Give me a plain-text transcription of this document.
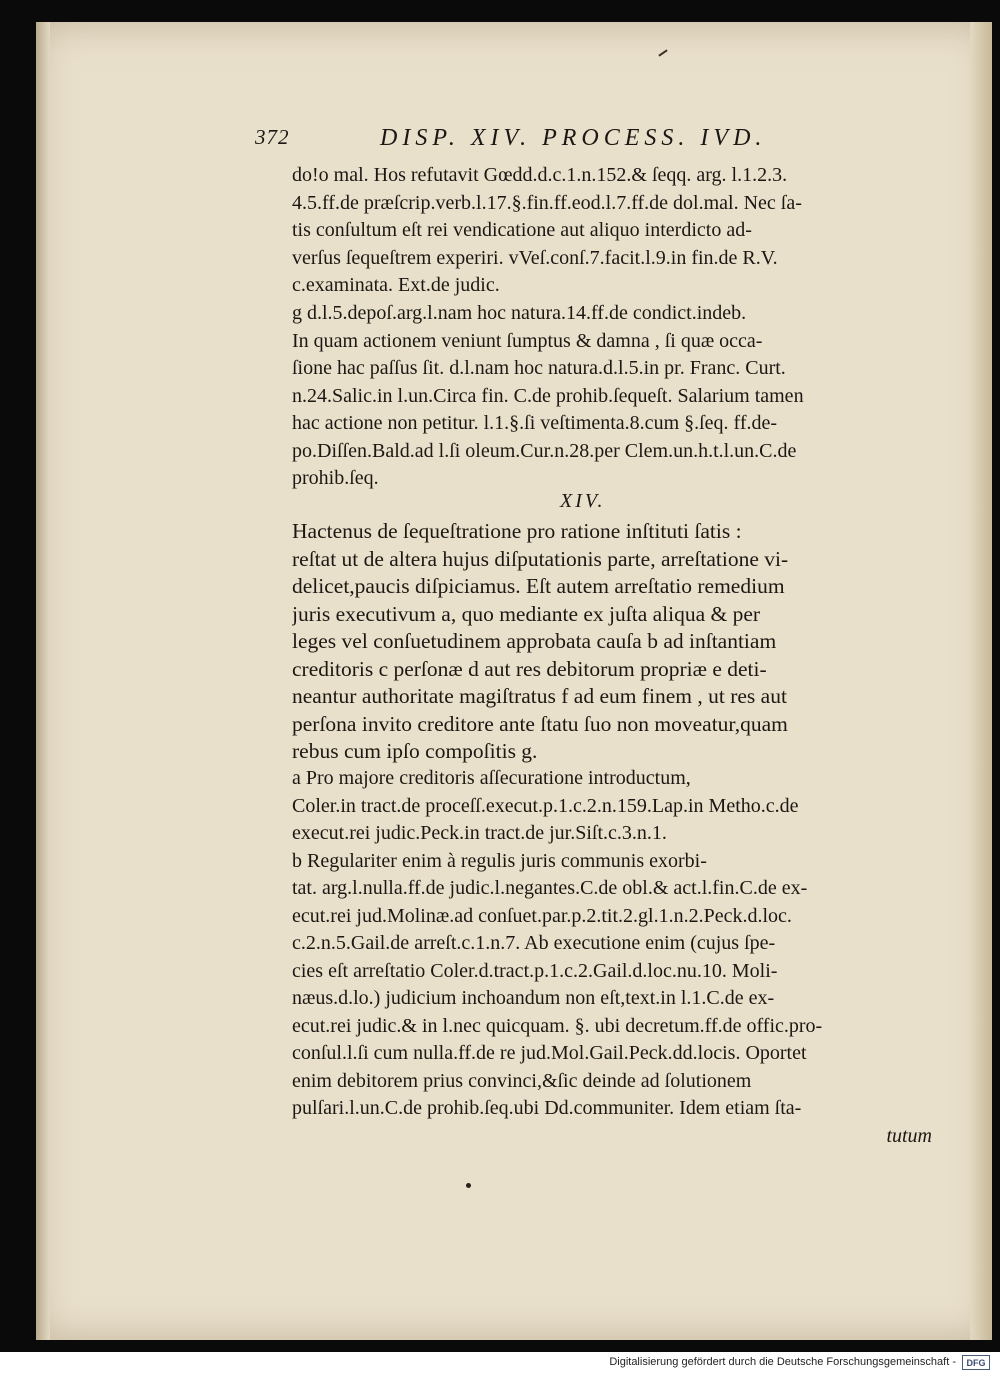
372	DISP. XIV. PROCESS. IVD.
do!o mal. Hos refutavit Gœdd.d.c.1.n.152.& ſeqq. arg. l.1.2.3.
4.5.ff.de præſcrip.verb.l.17.§.fin.ff.eod.l.7.ff.de dol.mal. Nec ſa-
tis conſultum eſt rei vendicatione aut aliquo interdicto ad-
verſus ſequeſtrem experiri. vVeſ.conſ.7.facit.l.9.in fin.de R.V.
c.examinata. Ext.de judic.
g d.l.5.depoſ.arg.l.nam hoc natura.14.ff.de condict.indeb.
In quam actionem veniunt ſumptus & damna , ſi quæ occa-
ſione hac paſſus ſit. d.l.nam hoc natura.d.l.5.in pr. Franc. Curt.
n.24.Salic.in l.un.Circa fin. C.de prohib.ſequeſt. Salarium tamen
hac actione non petitur. l.1.§.ſi veſtimenta.8.cum §.ſeq. ff.de-
po.Diſſen.Bald.ad l.ſi oleum.Cur.n.28.per Clem.un.h.t.l.un.C.de
prohib.ſeq.
XIV.
Hactenus de ſequeſtratione pro ratione inſtituti ſatis :
reſtat ut de altera hujus diſputationis parte, arreſtatione vi-
delicet,paucis diſpiciamus. Eſt autem arreſtatio remedium
juris executivum a, quo mediante ex juſta aliqua & per
leges vel conſuetudinem approbata cauſa b ad inſtantiam
creditoris c perſonæ d aut res debitorum propriæ e deti-
neantur authoritate magiſtratus f ad eum finem , ut res aut
perſona invito creditore ante ſtatu ſuo non moveatur,quam
rebus cum ipſo compoſitis g.
a Pro majore creditoris aſſecuratione introductum,
Coler.in tract.de proceſſ.execut.p.1.c.2.n.159.Lap.in Metho.c.de
execut.rei judic.Peck.in tract.de jur.Siſt.c.3.n.1.
b Regulariter enim à regulis juris communis exorbi-
tat. arg.l.nulla.ff.de judic.l.negantes.C.de obl.& act.l.fin.C.de ex-
ecut.rei jud.Molinæ.ad conſuet.par.p.2.tit.2.gl.1.n.2.Peck.d.loc.
c.2.n.5.Gail.de arreſt.c.1.n.7. Ab executione enim (cujus ſpe-
cies eſt arreſtatio Coler.d.tract.p.1.c.2.Gail.d.loc.nu.10. Moli-
næus.d.lo.) judicium inchoandum non eſt,text.in l.1.C.de ex-
ecut.rei judic.& in l.nec quicquam. §. ubi decretum.ff.de offic.pro-
conſul.l.ſi cum nulla.ff.de re jud.Mol.Gail.Peck.dd.locis. Oportet
enim debitorem prius convinci,&ſic deinde ad ſolutionem
pulſari.l.un.C.de prohib.ſeq.ubi Dd.communiter. Idem etiam ſta-
tutum
Digitalisierung gefördert durch die Deutsche Forschungsgemeinschaft -	DFG
